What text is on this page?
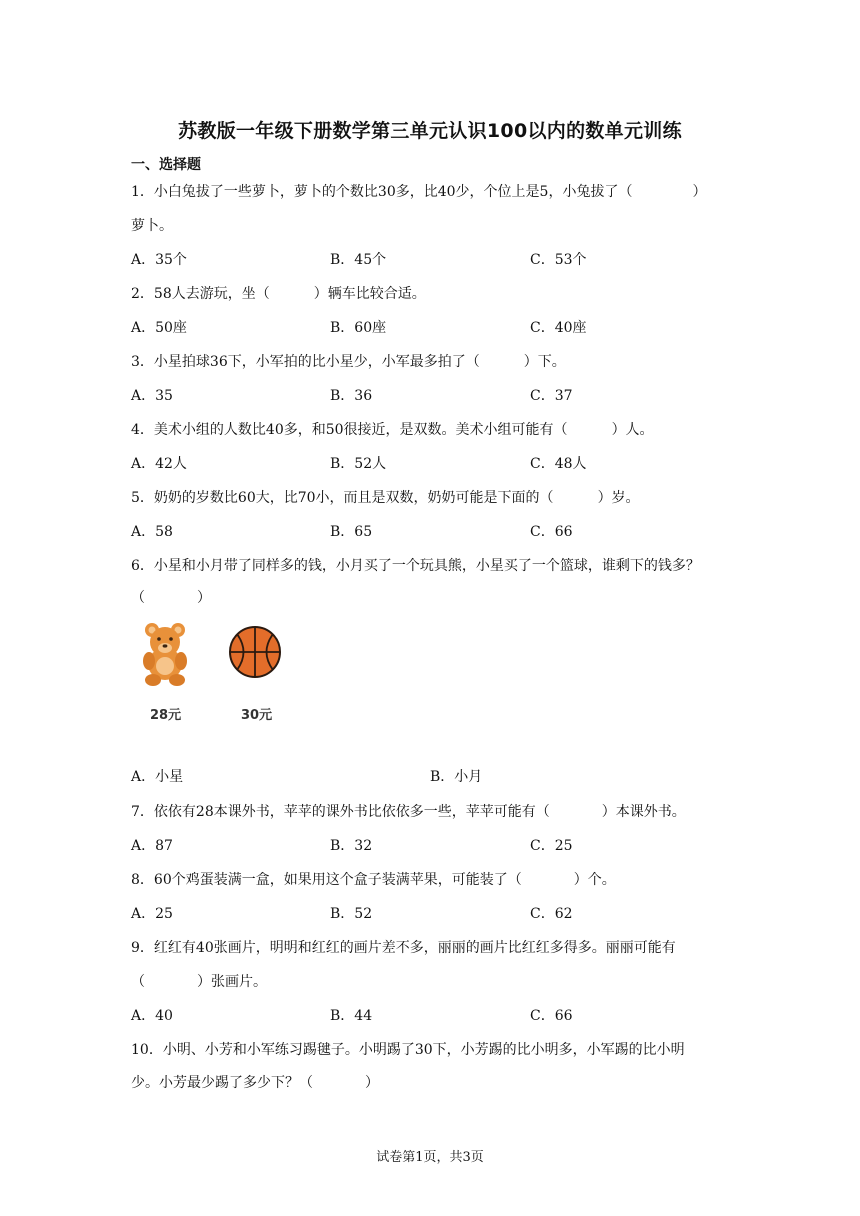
苏教版一年级下册数学第三单元认识100以内的数单元训练
一、选择题
1．小白兔拔了一些萝卜，萝卜的个数比30多，比40少，个位上是5，小兔拔了（	）
萝卜。
A．35个	B．45个	C．53个
2．58人去游玩，坐（	）辆车比较合适。
A．50座	B．60座	C．40座
3．小星拍球36下，小军拍的比小星少，小军最多拍了（	）下。
A．35	B．36	C．37
4．美术小组的人数比40多，和50很接近，是双数。美术小组可能有（	）人。
A．42人	B．52人	C．48人
5．奶奶的岁数比60大，比70小，而且是双数，奶奶可能是下面的（	）岁。
A．58	B．65	C．66
6．小星和小月带了同样多的钱，小月买了一个玩具熊，小星买了一个篮球，谁剩下的钱多？
（	）
28元	30元
A．小星	B．小月
7．依依有28本课外书，苹苹的课外书比依依多一些，苹苹可能有（	）本课外书。
A．87	B．32	C．25
8．60个鸡蛋装满一盒，如果用这个盒子装满苹果，可能装了（	）个。
A．25	B．52	C．62
9．红红有40张画片，明明和红红的画片差不多，丽丽的画片比红红多得多。丽丽可能有
（	）张画片。
A．40	B．44	C．66
10．小明、小芳和小军练习踢毽子。小明踢了30下，小芳踢的比小明多，小军踢的比小明
少。小芳最少踢了多少下？（	）
试卷第1页，共3页
